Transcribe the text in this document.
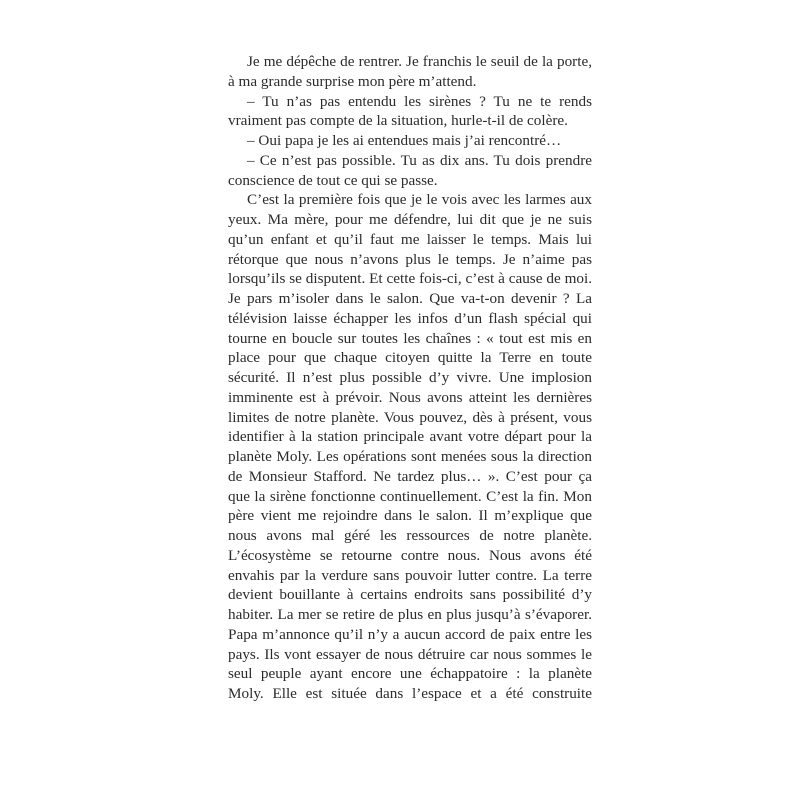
Je me dépêche de rentrer. Je franchis le seuil de la porte, à ma grande surprise mon père m’attend.

– Tu n’as pas entendu les sirènes ? Tu ne te rends vraiment pas compte de la situation, hurle-t-il de colère.

– Oui papa je les ai entendues mais j’ai rencontré…

– Ce n’est pas possible. Tu as dix ans. Tu dois prendre conscience de tout ce qui se passe.

C’est la première fois que je le vois avec les larmes aux yeux. Ma mère, pour me défendre, lui dit que je ne suis qu’un enfant et qu’il faut me laisser le temps. Mais lui rétorque que nous n’avons plus le temps. Je n’aime pas lorsqu’ils se disputent. Et cette fois-ci, c’est à cause de moi. Je pars m’isoler dans le salon. Que va-t-on devenir ? La télévision laisse échapper les infos d’un flash spécial qui tourne en boucle sur toutes les chaînes : « tout est mis en place pour que chaque citoyen quitte la Terre en toute sécurité. Il n’est plus possible d’y vivre. Une implosion imminente est à prévoir. Nous avons atteint les dernières limites de notre planète. Vous pouvez, dès à présent, vous identifier à la station principale avant votre départ pour la planète Moly. Les opérations sont menées sous la direction de Monsieur Stafford. Ne tardez plus… ». C’est pour ça que la sirène fonctionne continuellement. C’est la fin. Mon père vient me rejoindre dans le salon. Il m’explique que nous avons mal géré les ressources de notre planète. L’écosystème se retourne contre nous. Nous avons été envahis par la verdure sans pouvoir lutter contre. La terre devient bouillante à certains endroits sans possibilité d’y habiter. La mer se retire de plus en plus jusqu’à s’évaporer. Papa m’annonce qu’il n’y a aucun accord de paix entre les pays. Ils vont essayer de nous détruire car nous sommes le seul peuple ayant encore une échappatoire : la planète Moly. Elle est située dans l’espace et a été construite
